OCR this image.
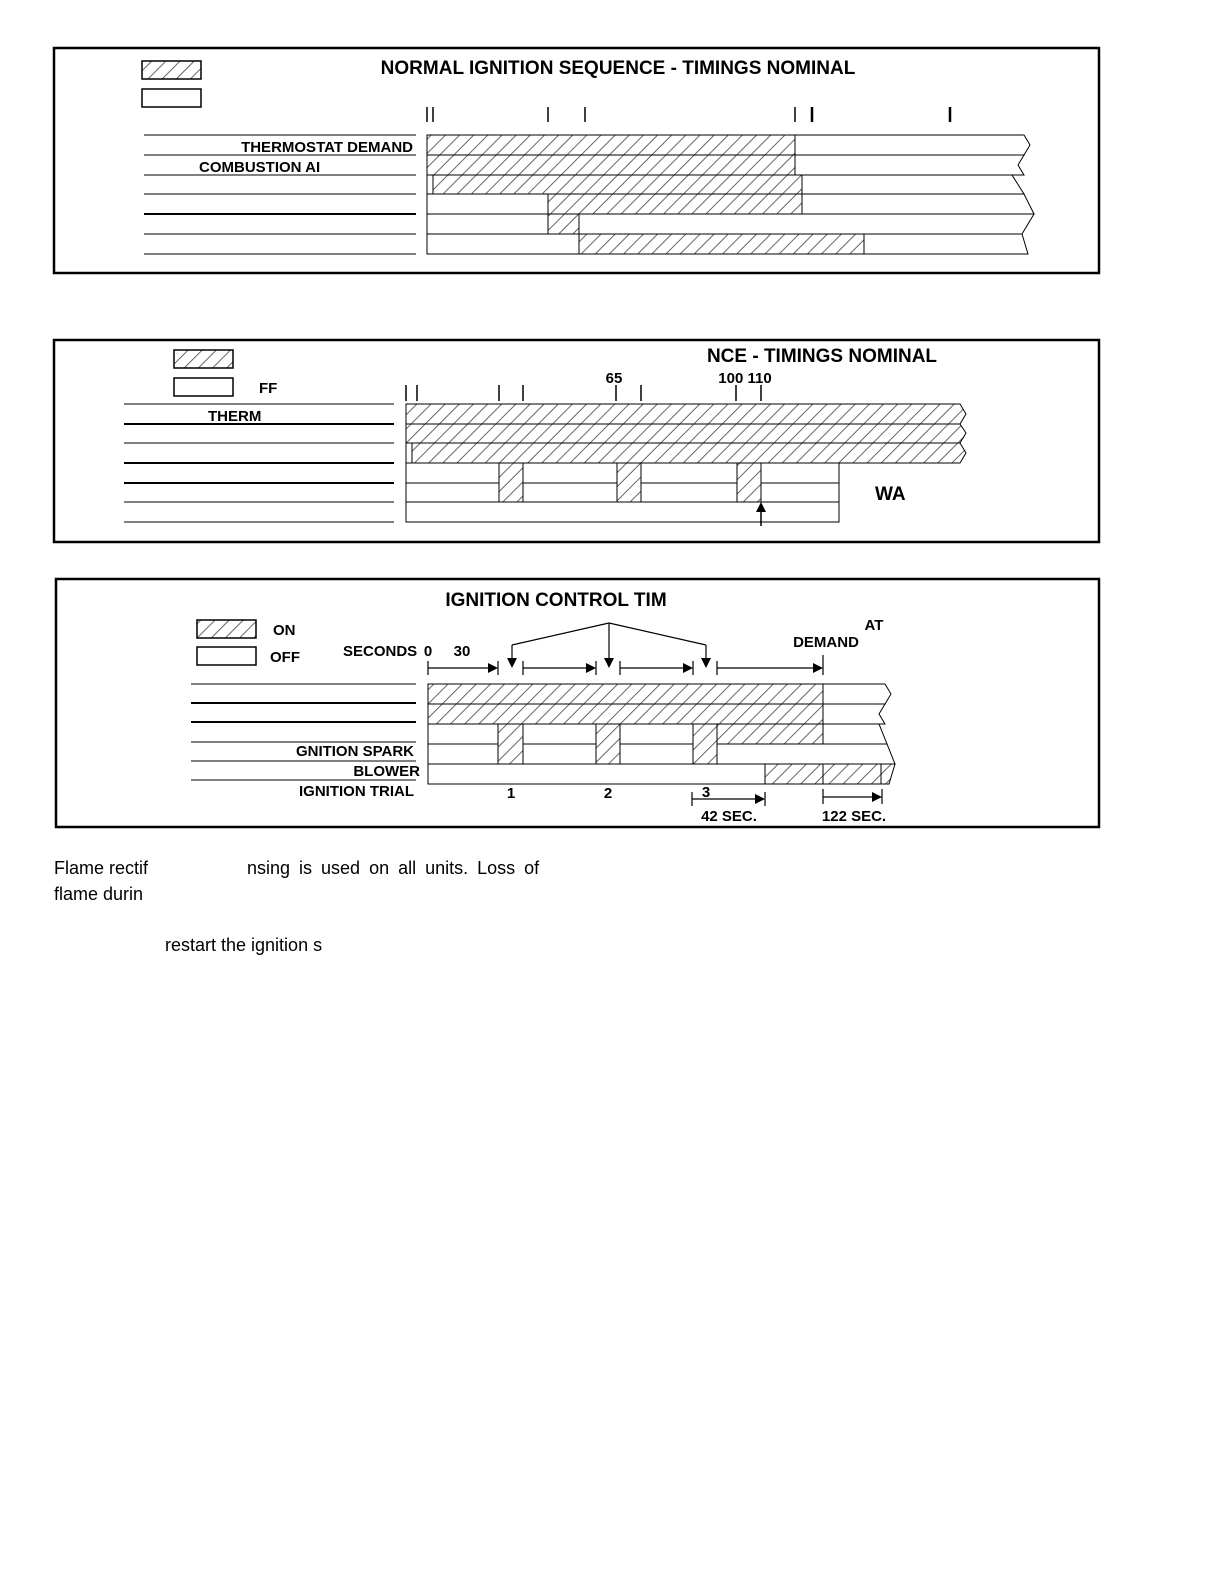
NORMAL IGNITION SEQUENCE - TIMINGS NOMINAL
THERMOSTAT DEMAND
COMBUSTION AI
NCE - TIMINGS NOMINAL
FF
65	100 110
THERM
WA
IGNITION CONTROL TIM
ON
OFF	SECONDS 0 30
DEMAND
AT
GNITION SPARK
BLOWER
IGNITION TRIAL	1	2	3
42 SEC.	122 SEC.

Flame rectif	nsing is used on all units. Loss of

flame durin

restart the ignition s
